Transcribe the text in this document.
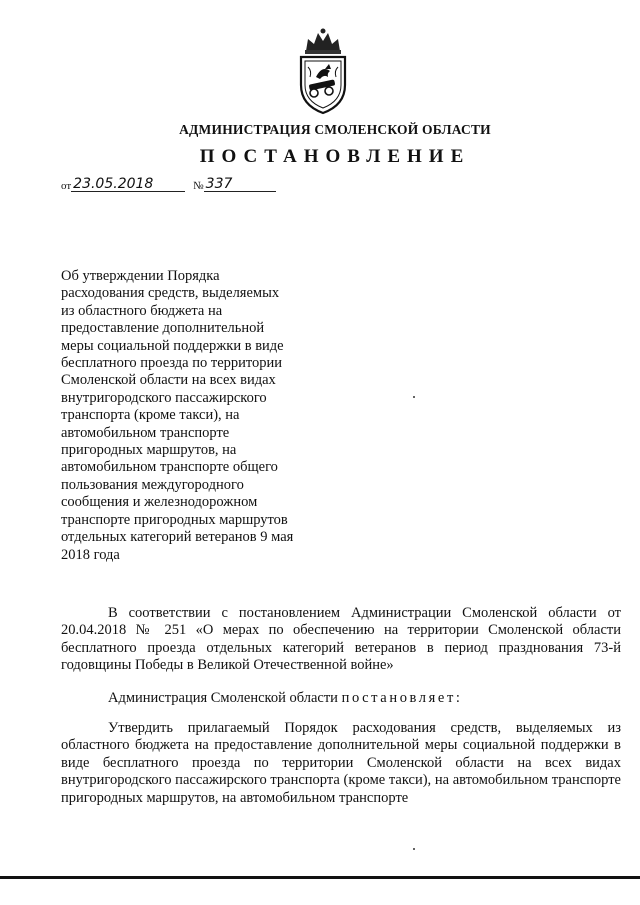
АДМИНИСТРАЦИЯ СМОЛЕНСКОЙ ОБЛАСТИ
ПОСТАНОВЛЕНИЕ
от 23.05.2018	№ 337
Об утверждении Порядка
расходования средств, выделяемых
из областного бюджета на
предоставление дополнительной
меры социальной поддержки в виде
бесплатного проезда по территории
Смоленской области на всех видах
внутригородского пассажирского
транспорта (кроме такси), на
автомобильном транспорте
пригородных маршрутов, на
автомобильном транспорте общего
пользования междугородного
сообщения и железнодорожном
транспорте пригородных маршрутов
отдельных категорий ветеранов 9 мая
2018 года
В соответствии с постановлением Администрации Смоленской области от 20.04.2018 № 251 «О мерах по обеспечению на территории Смоленской области бесплатного проезда отдельных категорий ветеранов в период празднования 73-й годовщины Победы в Великой Отечественной войне»
Администрация Смоленской области постановляет:
Утвердить прилагаемый Порядок расходования средств, выделяемых из областного бюджета на предоставление дополнительной меры социальной поддержки в виде бесплатного проезда по территории Смоленской области на всех видах внутригородского пассажирского транспорта (кроме такси), на автомобильном транспорте пригородных маршрутов, на автомобильном транспорте
